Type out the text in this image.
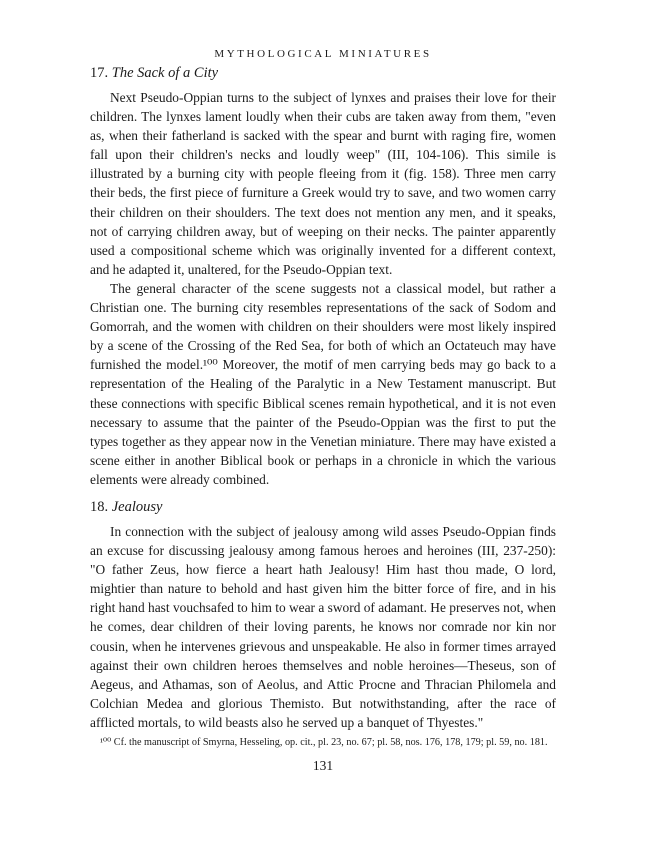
MYTHOLOGICAL MINIATURES
17. The Sack of a City

Next Pseudo-Oppian turns to the subject of lynxes and praises their love for their children. The lynxes lament loudly when their cubs are taken away from them, "even as, when their fatherland is sacked with the spear and burnt with raging fire, women fall upon their children's necks and loudly weep" (III, 104-106). This simile is illustrated by a burning city with people fleeing from it (fig. 158). Three men carry their beds, the first piece of furniture a Greek would try to save, and two women carry their children on their shoulders. The text does not mention any men, and it speaks, not of carrying children away, but of weeping on their necks. The painter apparently used a compositional scheme which was originally invented for a different context, and he adapted it, unaltered, for the Pseudo-Oppian text.

The general character of the scene suggests not a classical model, but rather a Christian one. The burning city resembles representations of the sack of Sodom and Gomorrah, and the women with children on their shoulders were most likely inspired by a scene of the Crossing of the Red Sea, for both of which an Octateuch may have furnished the model.¹⁰⁰ Moreover, the motif of men carrying beds may go back to a representation of the Healing of the Paralytic in a New Testament manuscript. But these connections with specific Biblical scenes remain hypothetical, and it is not even necessary to assume that the painter of the Pseudo-Oppian was the first to put the types together as they appear now in the Venetian miniature. There may have existed a scene either in another Biblical book or perhaps in a chronicle in which the various elements were already combined.

18. Jealousy

In connection with the subject of jealousy among wild asses Pseudo-Oppian finds an excuse for discussing jealousy among famous heroes and heroines (III, 237-250): "O father Zeus, how fierce a heart hath Jealousy! Him hast thou made, O lord, mightier than nature to behold and hast given him the bitter force of fire, and in his right hand hast vouchsafed to him to wear a sword of adamant. He preserves not, when he comes, dear children of their loving parents, he knows nor comrade nor kin nor cousin, when he intervenes grievous and unspeakable. He also in former times arrayed against their own children heroes themselves and noble heroines—Theseus, son of Aegeus, and Athamas, son of Aeolus, and Attic Procne and Thracian Philomela and Colchian Medea and glorious Themisto. But notwithstanding, after the race of afflicted mortals, to wild beasts also he served up a banquet of Thyestes."

¹⁰⁰ Cf. the manuscript of Smyrna, Hesseling, op. cit., pl. 23, no. 67; pl. 58, nos. 176, 178, 179; pl. 59, no. 181.
131
